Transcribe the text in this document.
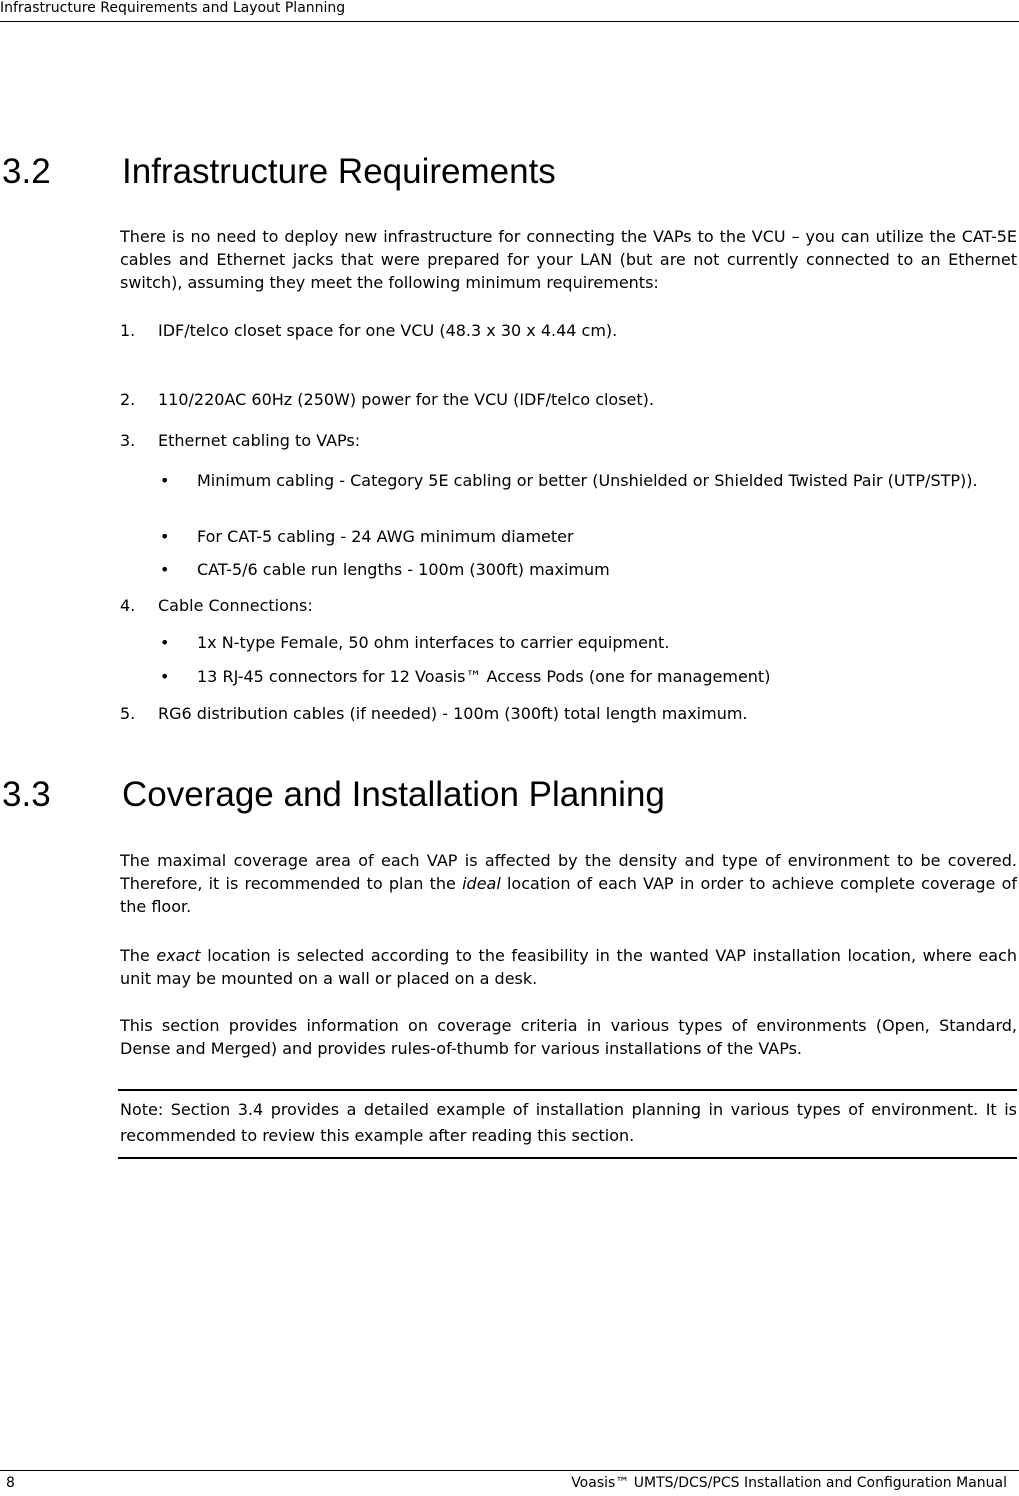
Infrastructure Requirements and Layout Planning
3.2 Infrastructure Requirements

There is no need to deploy new infrastructure for connecting the VAPs to the VCU – you can utilize the CAT-5E cables and Ethernet jacks that were prepared for your LAN (but are not currently connected to an Ethernet switch), assuming they meet the following minimum requirements:

1. IDF/telco closet space for one VCU (48.3 x 30 x 4.44 cm).
2. 110/220AC 60Hz (250W) power for the VCU (IDF/telco closet).
3. Ethernet cabling to VAPs:
• Minimum cabling - Category 5E cabling or better (Unshielded or Shielded Twisted Pair (UTP/STP)).
• For CAT-5 cabling - 24 AWG minimum diameter
• CAT-5/6 cable run lengths - 100m (300ft) maximum
4. Cable Connections:
• 1x N-type Female, 50 ohm interfaces to carrier equipment.
• 13 RJ-45 connectors for 12 Voasis™ Access Pods (one for management)
5. RG6 distribution cables (if needed) - 100m (300ft) total length maximum.
3.3 Coverage and Installation Planning

The maximal coverage area of each VAP is affected by the density and type of environment to be covered. Therefore, it is recommended to plan the ideal location of each VAP in order to achieve complete coverage of the floor.

The exact location is selected according to the feasibility in the wanted VAP installation location, where each unit may be mounted on a wall or placed on a desk.

This section provides information on coverage criteria in various types of environments (Open, Standard, Dense and Merged) and provides rules-of-thumb for various installations of the VAPs.

Note: Section 3.4 provides a detailed example of installation planning in various types of environment. It is recommended to review this example after reading this section.
8	Voasis™ UMTS/DCS/PCS Installation and Configuration Manual
